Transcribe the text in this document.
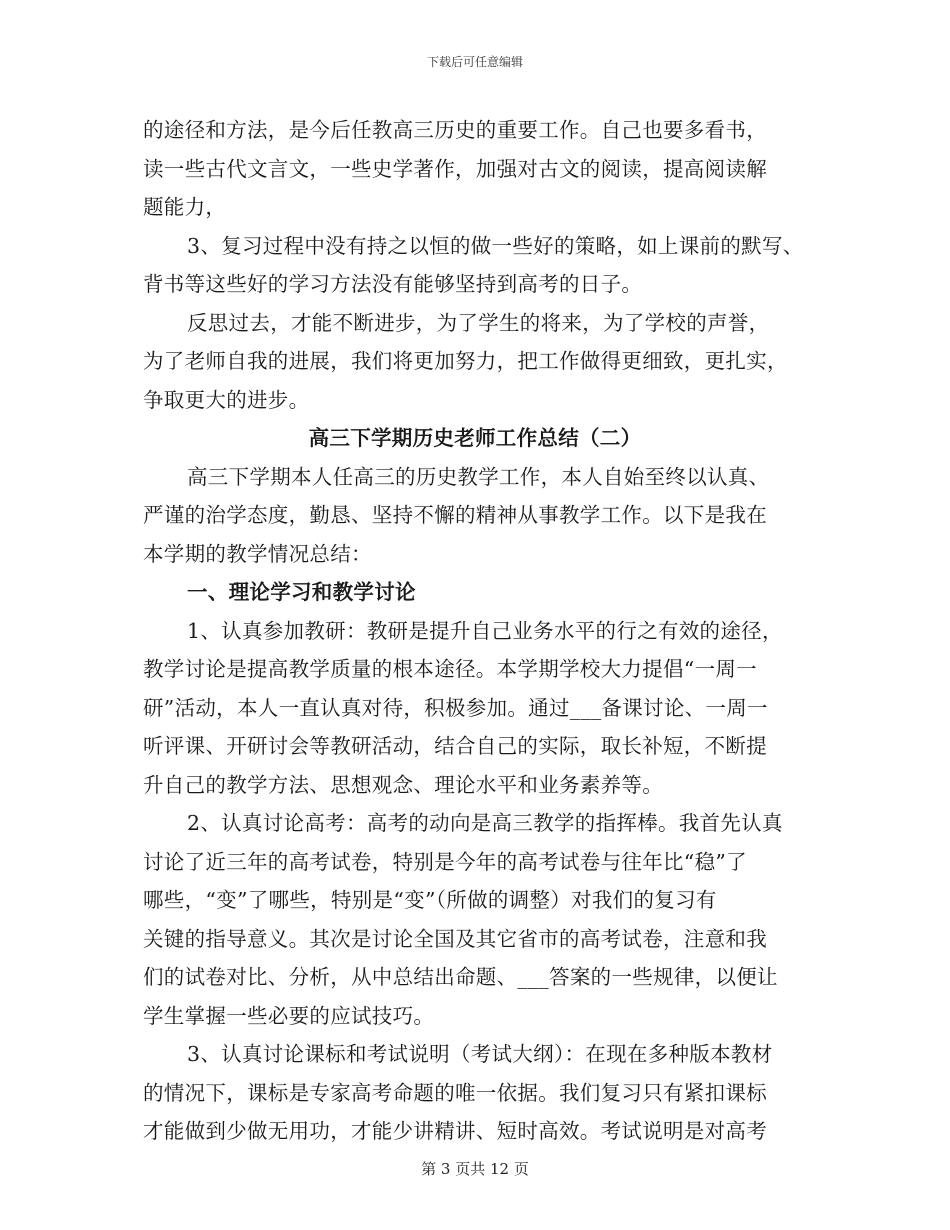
下载后可任意编辑
的途径和方法，是今后任教高三历史的重要工作。自己也要多看书，
读一些古代文言文，一些史学著作，加强对古文的阅读，提高阅读解
题能力，
3、复习过程中没有持之以恒的做一些好的策略，如上课前的默写、
背书等这些好的学习方法没有能够坚持到高考的日子。
反思过去，才能不断进步，为了学生的将来，为了学校的声誉，
为了老师自我的进展，我们将更加努力，把工作做得更细致，更扎实，
争取更大的进步。
高三下学期历史老师工作总结（二）
高三下学期本人任高三的历史教学工作，本人自始至终以认真、
严谨的治学态度，勤恳、坚持不懈的精神从事教学工作。以下是我在
本学期的教学情况总结：
一、理论学习和教学讨论
1、认真参加教研：教研是提升自己业务水平的行之有效的途径，
教学讨论是提高教学质量的根本途径。本学期学校大力提倡“一周一
研”活动，本人一直认真对待，积极参加。通过___备课讨论、一周一
听评课、开研讨会等教研活动，结合自己的实际，取长补短，不断提
升自己的教学方法、思想观念、理论水平和业务素养等。
2、认真讨论高考：高考的动向是高三教学的指挥棒。我首先认真
讨论了近三年的高考试卷，特别是今年的高考试卷与往年比“稳”了
哪些，“变”了哪些，特别是“变”（所做的调整）对我们的复习有
关键的指导意义。其次是讨论全国及其它省市的高考试卷，注意和我
们的试卷对比、分析，从中总结出命题、___答案的一些规律，以便让
学生掌握一些必要的应试技巧。
3、认真讨论课标和考试说明（考试大纲）：在现在多种版本教材
的情况下，课标是专家高考命题的唯一依据。我们复习只有紧扣课标
才能做到少做无用功，才能少讲精讲、短时高效。考试说明是对高考
第 3 页共 12 页
